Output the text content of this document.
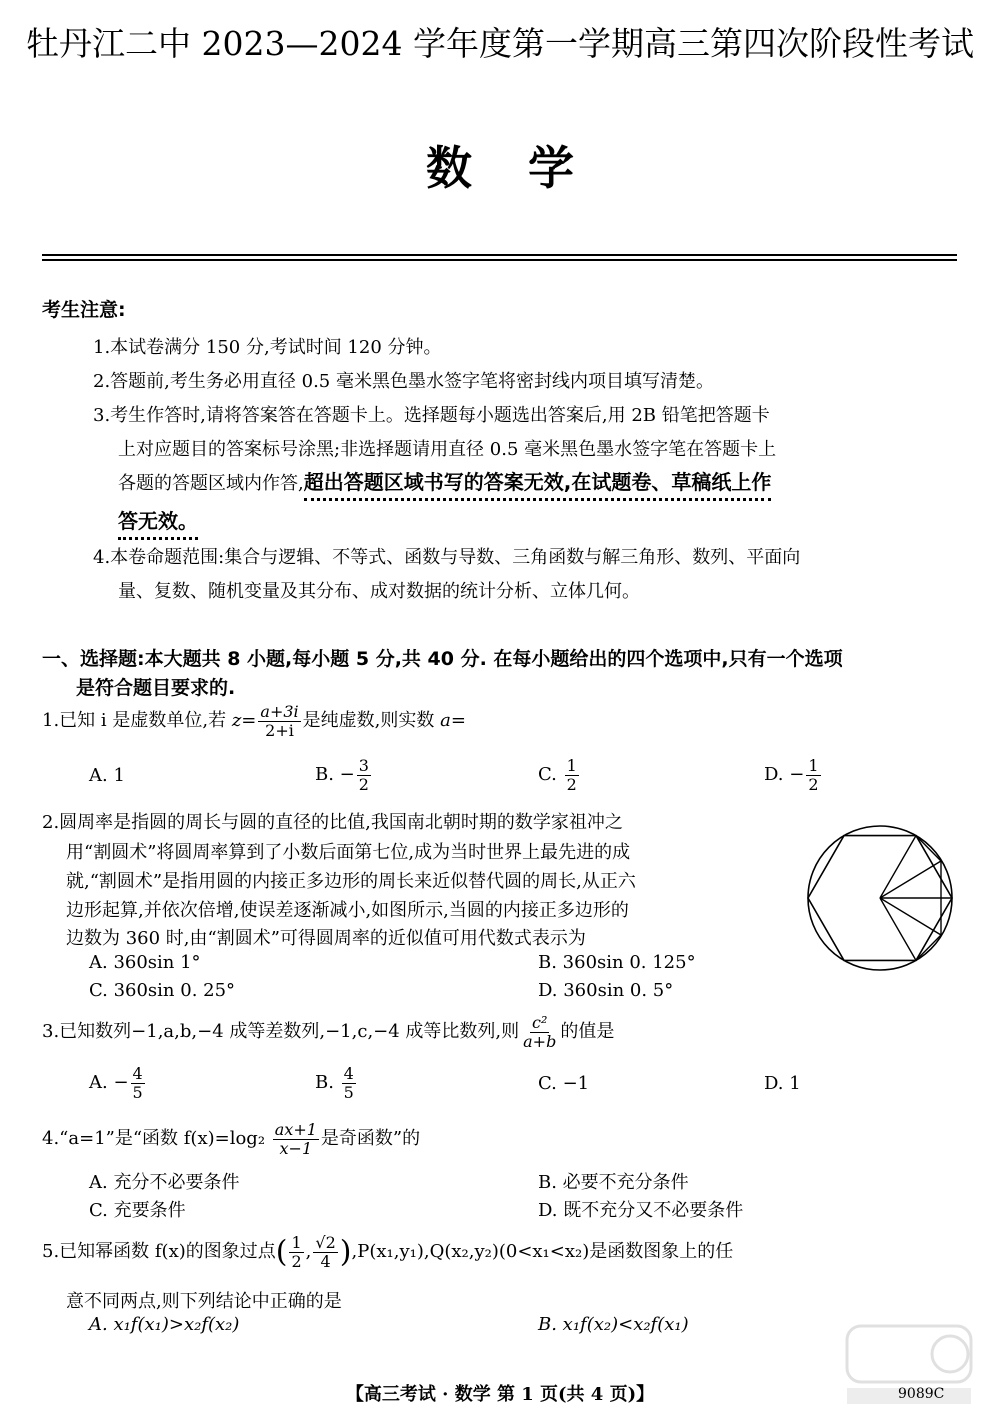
牡丹江二中 2023—2024 学年度第一学期高三第四次阶段性考试
数 学
考生注意:
1.本试卷满分 150 分,考试时间 120 分钟。
2.答题前,考生务必用直径 0.5 毫米黑色墨水签字笔将密封线内项目填写清楚。
3.考生作答时,请将答案答在答题卡上。选择题每小题选出答案后,用 2B 铅笔把答题卡
上对应题目的答案标号涂黑;非选择题请用直径 0.5 毫米黑色墨水签字笔在答题卡上
各题的答题区域内作答,超出答题区域书写的答案无效,在试题卷、草稿纸上作
答无效。
4.本卷命题范围:集合与逻辑、不等式、函数与导数、三角函数与解三角形、数列、平面向
量、复数、随机变量及其分布、成对数据的统计分析、立体几何。
一、选择题:本大题共 8 小题,每小题 5 分,共 40 分. 在每小题给出的四个选项中,只有一个选项
是符合题目要求的.
1.已知 i 是虚数单位,若 $z= \frac{a+3i}{2+i}$ 是纯虚数,则实数 a=
A. 1	B. − $\frac{3}{2}$	C. $\frac{1}{2}$	D. − $\frac{1}{2}$
2.圆周率是指圆的周长与圆的直径的比值,我国南北朝时期的数学家祖冲之
用“割圆术”将圆周率算到了小数后面第七位,成为当时世界上最先进的成
就,“割圆术”是指用圆的内接正多边形的周长来近似替代圆的周长,从正六
边形起算,并依次倍增,使误差逐渐减小,如图所示,当圆的内接正多边形的
边数为 360 时,由“割圆术”可得圆周率的近似值可用代数式表示为
A. 360sin 1°	B. 360sin 0. 125°
C. 360sin 0. 25°	D. 360sin 0. 5°
3.已知数列−1,a,b,−4 成等差数列,−1,c,−4 成等比数列,则 $\frac{\text{c²}}{a+b}$ 的值是
A. − $\frac{4}{5}$	B. $\frac{4}{5}$	C. −1	D. 1
4.“a=1”是“函数 $f(x)=\log_2 \frac{ax+1}{x-1}$ 是奇函数”的
A. 充分不必要条件	B. 必要不充分条件
C. 充要条件	D. 既不充分又不必要条件
5.已知幂函数 f(x)的图象过点( $\frac{1}{2}$ , $\frac{√2}{4} ),P(x_1,y_1),Q(x_2,y_2)(0<x_1<x_2)$是函数图象上的任
意不同两点,则下列结论中正确的是
A. x₁f(x₁)>x₂f(x₂)	B. x₁f(x₂)<x₂f(x₁)
【高三考试 · 数学 第 1 页(共 4 页)】	9089C
